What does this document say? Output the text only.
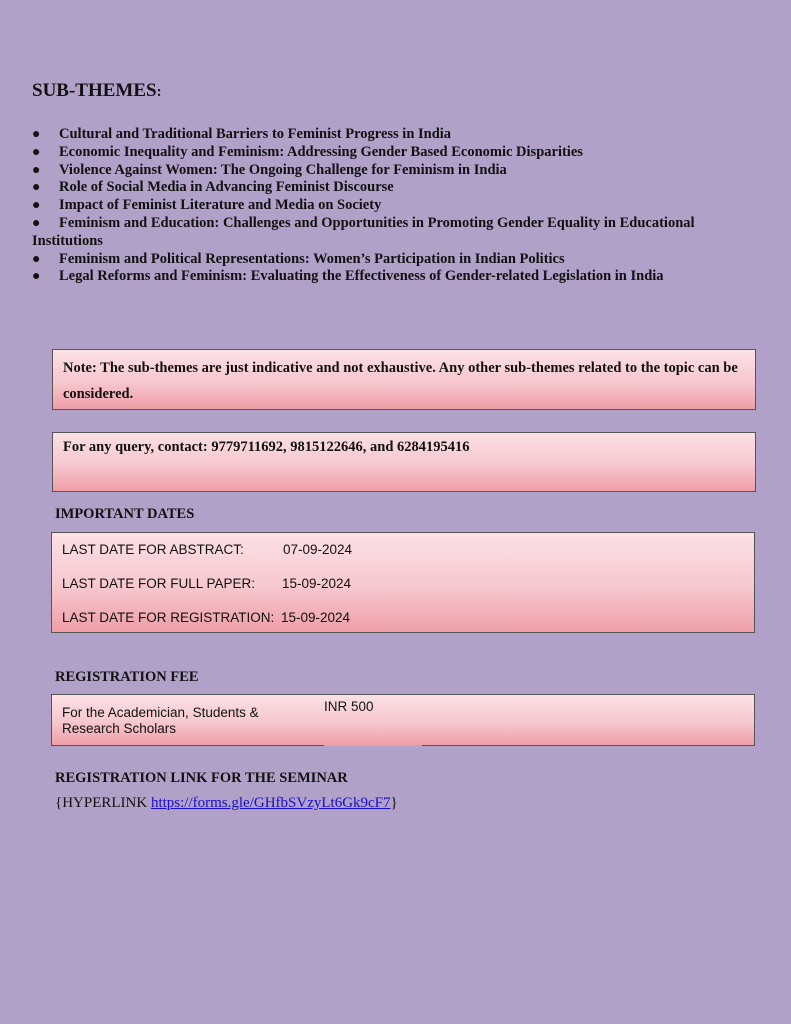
SUB-THEMES:
● Cultural and Traditional Barriers to Feminist Progress in India
● Economic Inequality and Feminism: Addressing Gender Based Economic Disparities
● Violence Against Women: The Ongoing Challenge for Feminism in India
● Role of Social Media in Advancing Feminist Discourse
● Impact of Feminist Literature and Media on Society
● Feminism and Education: Challenges and Opportunities in Promoting Gender Equality in Educational Institutions
● Feminism and Political Representations: Women’s Participation in Indian Politics
● Legal Reforms and Feminism: Evaluating the Effectiveness of Gender-related Legislation in India

Note: The sub-themes are just indicative and not exhaustive. Any other sub-themes related to the topic can be considered.

For any query, contact: 9779711692, 9815122646, and 6284195416

IMPORTANT DATES
LAST DATE FOR ABSTRACT:	07-09-2024
LAST DATE FOR FULL PAPER: 15-09-2024
LAST DATE FOR REGISTRATION: 15-09-2024
REGISTRATION FEE
For the Academician, Students & Research Scholars
INR 500
REGISTRATION LINK FOR THE SEMINAR
{HYPERLINK https://forms.gle/GHfbSVzyLt6Gk9cF7}
